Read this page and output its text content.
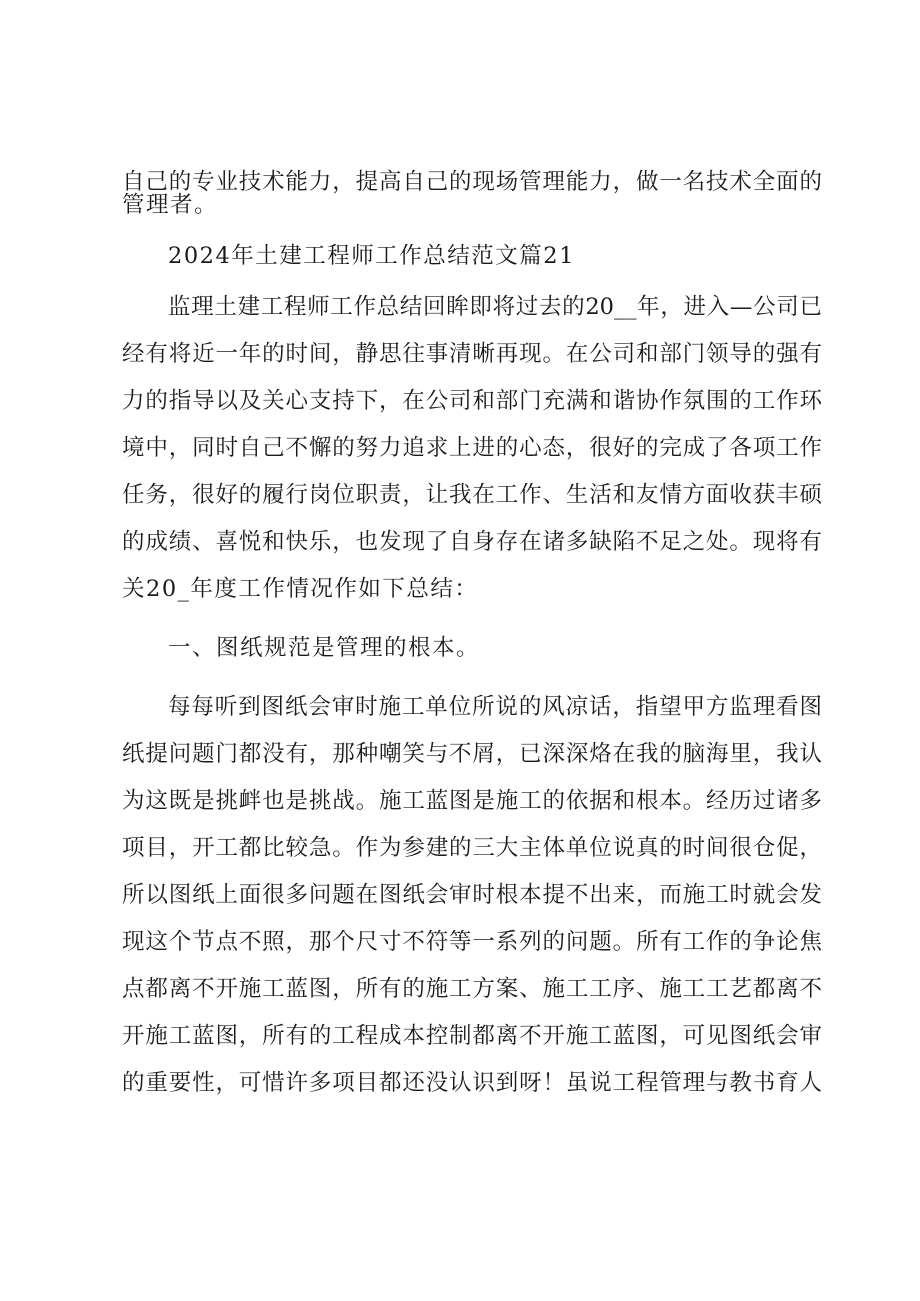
自己的专业技术能力，提高自己的现场管理能力，做一名技术全面的
管理者。
2024年土建工程师工作总结范文篇21
监理土建工程师工作总结回眸即将过去的20__年，进入—公司已
经有将近一年的时间，静思往事清晰再现。在公司和部门领导的强有
力的指导以及关心支持下，在公司和部门充满和谐协作氛围的工作环
境中，同时自己不懈的努力追求上进的心态，很好的完成了各项工作
任务，很好的履行岗位职责，让我在工作、生活和友情方面收获丰硕
的成绩、喜悦和快乐，也发现了自身存在诸多缺陷不足之处。现将有
关20_年度工作情况作如下总结：
一、图纸规范是管理的根本。
每每听到图纸会审时施工单位所说的风凉话，指望甲方监理看图
纸提问题门都没有，那种嘲笑与不屑，已深深烙在我的脑海里，我认
为这既是挑衅也是挑战。施工蓝图是施工的依据和根本。经历过诸多
项目，开工都比较急。作为参建的三大主体单位说真的时间很仓促，
所以图纸上面很多问题在图纸会审时根本提不出来，而施工时就会发
现这个节点不照，那个尺寸不符等一系列的问题。所有工作的争论焦
点都离不开施工蓝图，所有的施工方案、施工工序、施工工艺都离不
开施工蓝图，所有的工程成本控制都离不开施工蓝图，可见图纸会审
的重要性，可惜许多项目都还没认识到呀！虽说工程管理与教书育人
